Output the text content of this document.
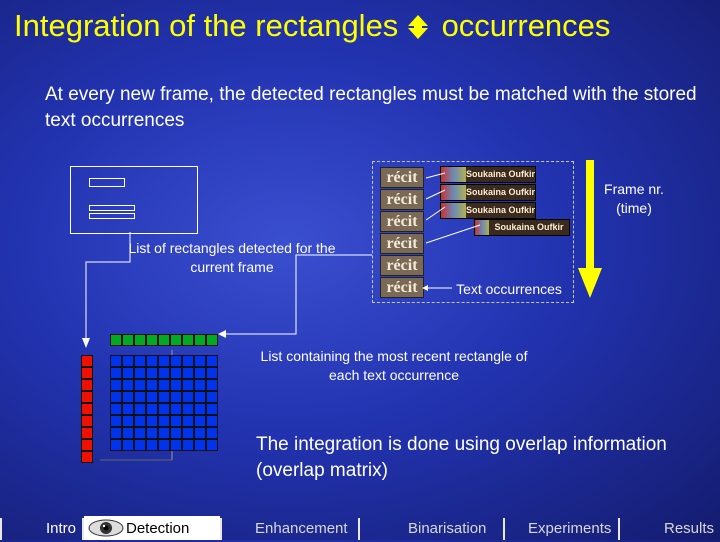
Integration of the rectangles occurrences
At every new frame, the detected rectangles must be matched with the stored text occurrences
List of rectangles detected for the current frame
récit
récit
récit
récit
récit
récit
Soukaina Oufkir
Soukaina Oufkir
Soukaina Oufkir
Soukaina Oufkir
Text occurrences
Frame nr. (time)
List containing the most recent rectangle of each text occurrence
The integration is done using overlap information (overlap matrix)
Intro	Detection	Enhancement	Binarisation	Experiments	Results
